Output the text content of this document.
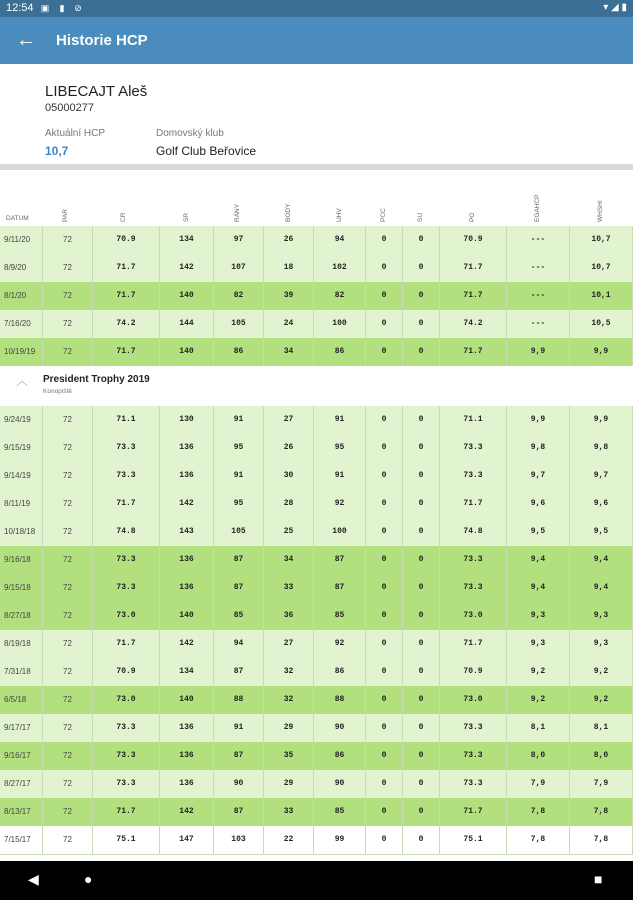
12:54 ▣ ▮ ⊘	▾ ◢ ▮
← Historie HCP
LIBECAJT Aleš
05000277
Aktuální HCP
10,7
Domovský klub
Golf Club Beřovice
DATUM	PAR	CR	SR	RÁNY	BODY	UHV	PCC	SU	PO	EGAHCP	WHSHI
9/11/20	72	70.9	134	97	26	94	0	0	70.9	---	10,7
8/9/20	72	71.7	142	107	18	102	0	0	71.7	---	10,7
8/1/20	72	71.7	140	82	39	82	0	0	71.7	---	10,1
7/16/20	72	74.2	144	105	24	100	0	0	74.2	---	10,5
10/19/19	72	71.7	140	86	34	86	0	0	71.7	9,9	9,9
︿ President Trophy 2019
Konopiště
9/24/19	72	71.1	130	91	27	91	0	0	71.1	9,9	9,9
9/15/19	72	73.3	136	95	26	95	0	0	73.3	9,8	9,8
9/14/19	72	73.3	136	91	30	91	0	0	73.3	9,7	9,7
8/11/19	72	71.7	142	95	28	92	0	0	71.7	9,6	9,6
10/18/18	72	74.8	143	105	25	100	0	0	74.8	9,5	9,5
9/16/18	72	73.3	136	87	34	87	0	0	73.3	9,4	9,4
9/15/18	72	73.3	136	87	33	87	0	0	73.3	9,4	9,4
8/27/18	72	73.0	140	85	36	85	0	0	73.0	9,3	9,3
8/19/18	72	71.7	142	94	27	92	0	0	71.7	9,3	9,3
7/31/18	72	70.9	134	87	32	86	0	0	70.9	9,2	9,2
6/5/18	72	73.0	140	88	32	88	0	0	73.0	9,2	9,2
9/17/17	72	73.3	136	91	29	90	0	0	73.3	8,1	8,1
9/16/17	72	73.3	136	87	35	86	0	0	73.3	8,0	8,0
8/27/17	72	73.3	136	90	29	90	0	0	73.3	7,9	7,9
8/13/17	72	71.7	142	87	33	85	0	0	71.7	7,8	7,8
7/15/17	72	75.1	147	103	22	99	0	0	75.1	7,8	7,8
◀	●	■
